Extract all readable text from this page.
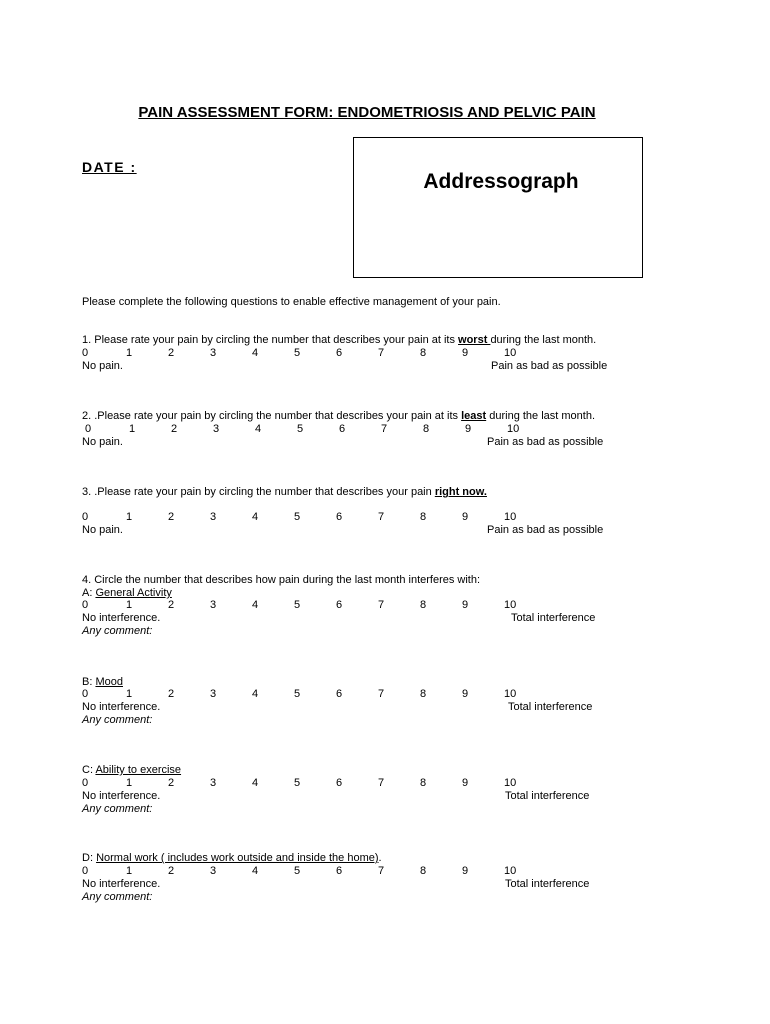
PAIN ASSESSMENT FORM: ENDOMETRIOSIS AND PELVIC PAIN
DATE :
Addressograph
Please complete the following questions to enable effective management of your pain.
1. Please rate your pain by circling the number that describes your pain at its worst during the last month.
0	1	2	3	4	5	6	7	8	9	10
No pain.	Pain as bad as possible
2. .Please rate your pain by circling the number that describes your pain at its least during the last month.
0	1	2	3	4	5	6	7	8	9	10
No pain.	Pain as bad as possible
3. .Please rate your pain by circling the number that describes your pain right now.
0	1	2	3	4	5	6	7	8	9	10
No pain.	Pain as bad as possible
4. Circle the number that describes how pain during the last month interferes with:
A: General Activity
0	1	2	3	4	5	6	7	8	9	10
No interference.	Total interference
Any comment:
B: Mood
0	1	2	3	4	5	6	7	8	9	10
No interference.	Total interference
Any comment:
C: Ability to exercise
0	1	2	3	4	5	6	7	8	9	10
No interference.	Total interference
Any comment:
D: Normal work ( includes work outside and inside the home).
0	1	2	3	4	5	6	7	8	9	10
No interference.	Total interference
Any comment:
